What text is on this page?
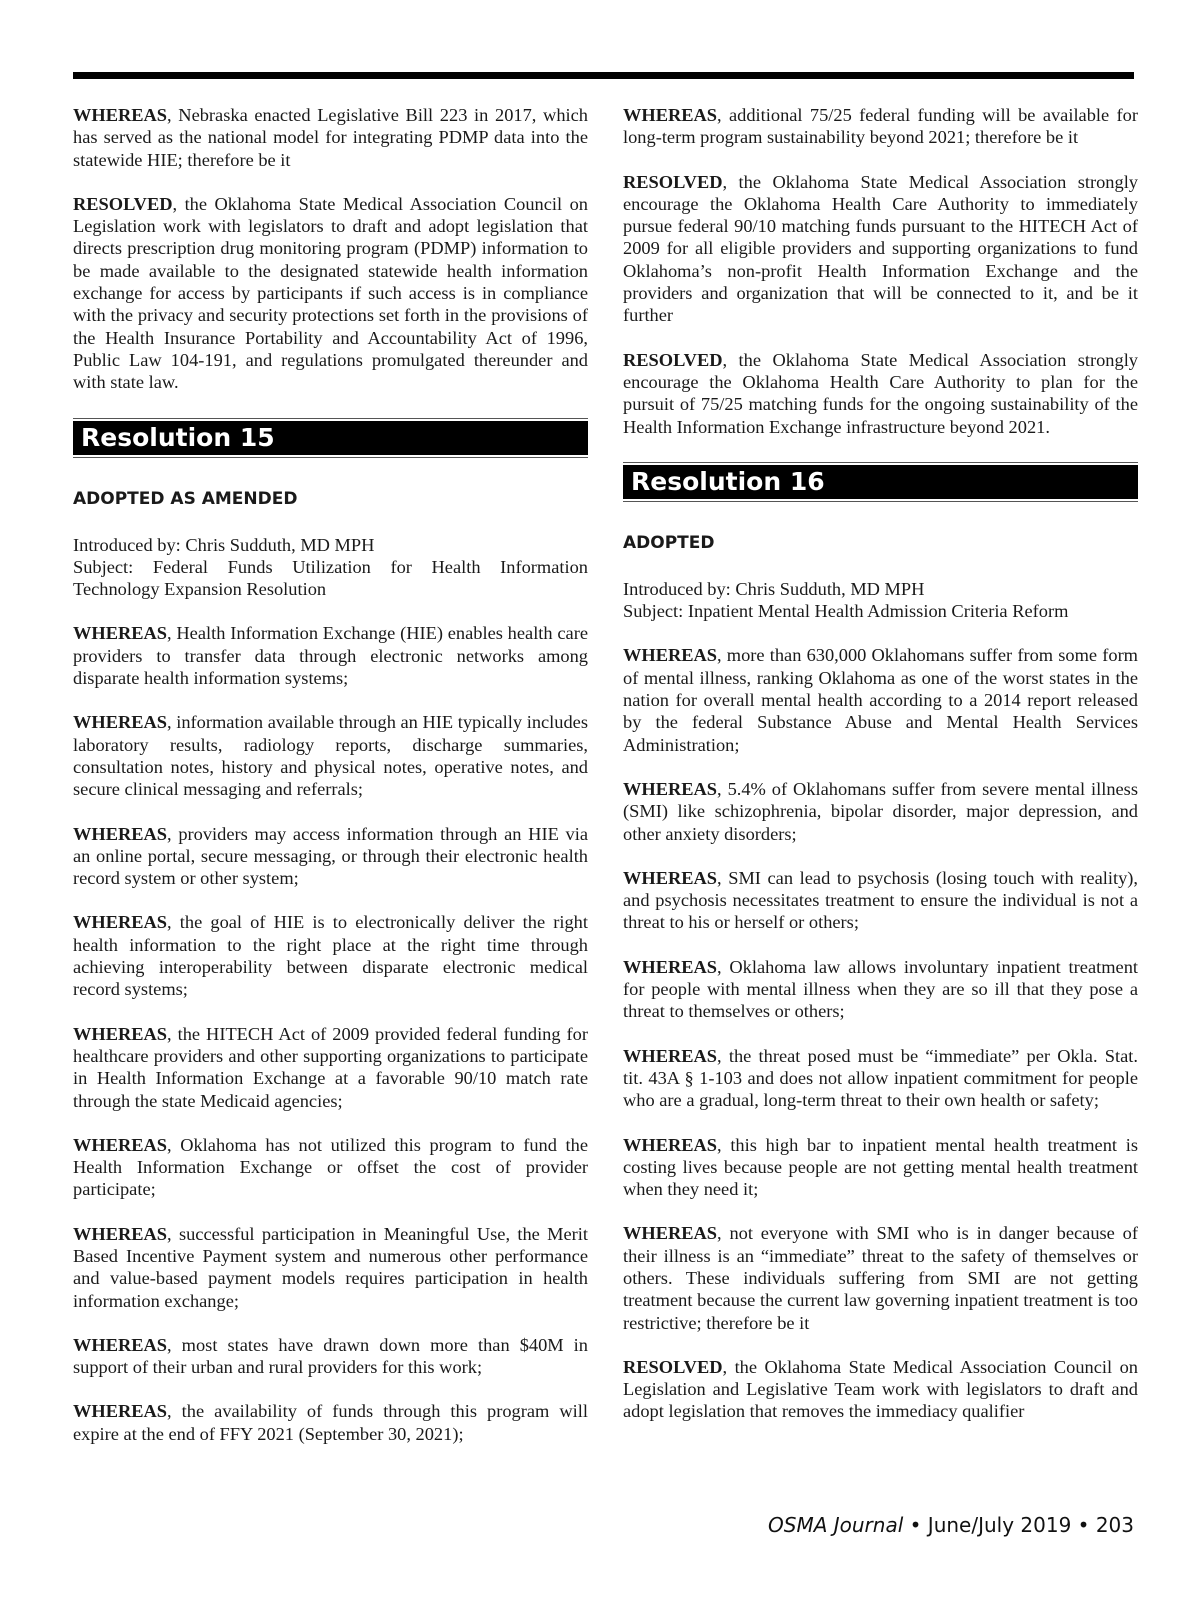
WHEREAS, Nebraska enacted Legislative Bill 223 in 2017, which has served as the national model for integrating PDMP data into the statewide HIE; therefore be it

RESOLVED, the Oklahoma State Medical Association Council on Legislation work with legislators to draft and adopt legislation that directs prescription drug monitoring program (PDMP) information to be made available to the designated statewide health information exchange for access by participants if such access is in compliance with the privacy and security protections set forth in the provisions of the Health Insurance Portability and Accountability Act of 1996, Public Law 104-191, and regulations promulgated thereunder and with state law.

Resolution 15
ADOPTED AS AMENDED
Introduced by: Chris Sudduth, MD MPH
Subject: Federal Funds Utilization for Health Information Technology Expansion Resolution

WHEREAS, Health Information Exchange (HIE) enables health care providers to transfer data through electronic networks among disparate health information systems;

WHEREAS, information available through an HIE typically includes laboratory results, radiology reports, discharge summaries, consultation notes, history and physical notes, operative notes, and secure clinical messaging and referrals;

WHEREAS, providers may access information through an HIE via an online portal, secure messaging, or through their electronic health record system or other system;

WHEREAS, the goal of HIE is to electronically deliver the right health information to the right place at the right time through achieving interoperability between disparate electronic medical record systems;

WHEREAS, the HITECH Act of 2009 provided federal funding for healthcare providers and other supporting organizations to participate in Health Information Exchange at a favorable 90/10 match rate through the state Medicaid agencies;

WHEREAS, Oklahoma has not utilized this program to fund the Health Information Exchange or offset the cost of provider participate;

WHEREAS, successful participation in Meaningful Use, the Merit Based Incentive Payment system and numerous other performance and value-based payment models requires participation in health information exchange;

WHEREAS, most states have drawn down more than $40M in support of their urban and rural providers for this work;

WHEREAS, the availability of funds through this program will expire at the end of FFY 2021 (September 30, 2021);

WHEREAS, additional 75/25 federal funding will be available for long-term program sustainability beyond 2021; therefore be it

RESOLVED, the Oklahoma State Medical Association strongly encourage the Oklahoma Health Care Authority to immediately pursue federal 90/10 matching funds pursuant to the HITECH Act of 2009 for all eligible providers and supporting organizations to fund Oklahoma’s non-profit Health Information Exchange and the providers and organization that will be connected to it, and be it further

RESOLVED, the Oklahoma State Medical Association strongly encourage the Oklahoma Health Care Authority to plan for the pursuit of 75/25 matching funds for the ongoing sustainability of the Health Information Exchange infrastructure beyond 2021.

Resolution 16
ADOPTED
Introduced by: Chris Sudduth, MD MPH
Subject: Inpatient Mental Health Admission Criteria Reform

WHEREAS, more than 630,000 Oklahomans suffer from some form of mental illness, ranking Oklahoma as one of the worst states in the nation for overall mental health according to a 2014 report released by the federal Substance Abuse and Mental Health Services Administration;

WHEREAS, 5.4% of Oklahomans suffer from severe mental illness (SMI) like schizophrenia, bipolar disorder, major depression, and other anxiety disorders;

WHEREAS, SMI can lead to psychosis (losing touch with reality), and psychosis necessitates treatment to ensure the individual is not a threat to his or herself or others;

WHEREAS, Oklahoma law allows involuntary inpatient treatment for people with mental illness when they are so ill that they pose a threat to themselves or others;

WHEREAS, the threat posed must be “immediate” per Okla. Stat. tit. 43A § 1-103 and does not allow inpatient commitment for people who are a gradual, long-term threat to their own health or safety;

WHEREAS, this high bar to inpatient mental health treatment is costing lives because people are not getting mental health treatment when they need it;

WHEREAS, not everyone with SMI who is in danger because of their illness is an “immediate” threat to the safety of themselves or others. These individuals suffering from SMI are not getting treatment because the current law governing inpatient treatment is too restrictive; therefore be it

RESOLVED, the Oklahoma State Medical Association Council on Legislation and Legislative Team work with legislators to draft and adopt legislation that removes the immediacy qualifier

OSMA Journal • June/July 2019 • 203
